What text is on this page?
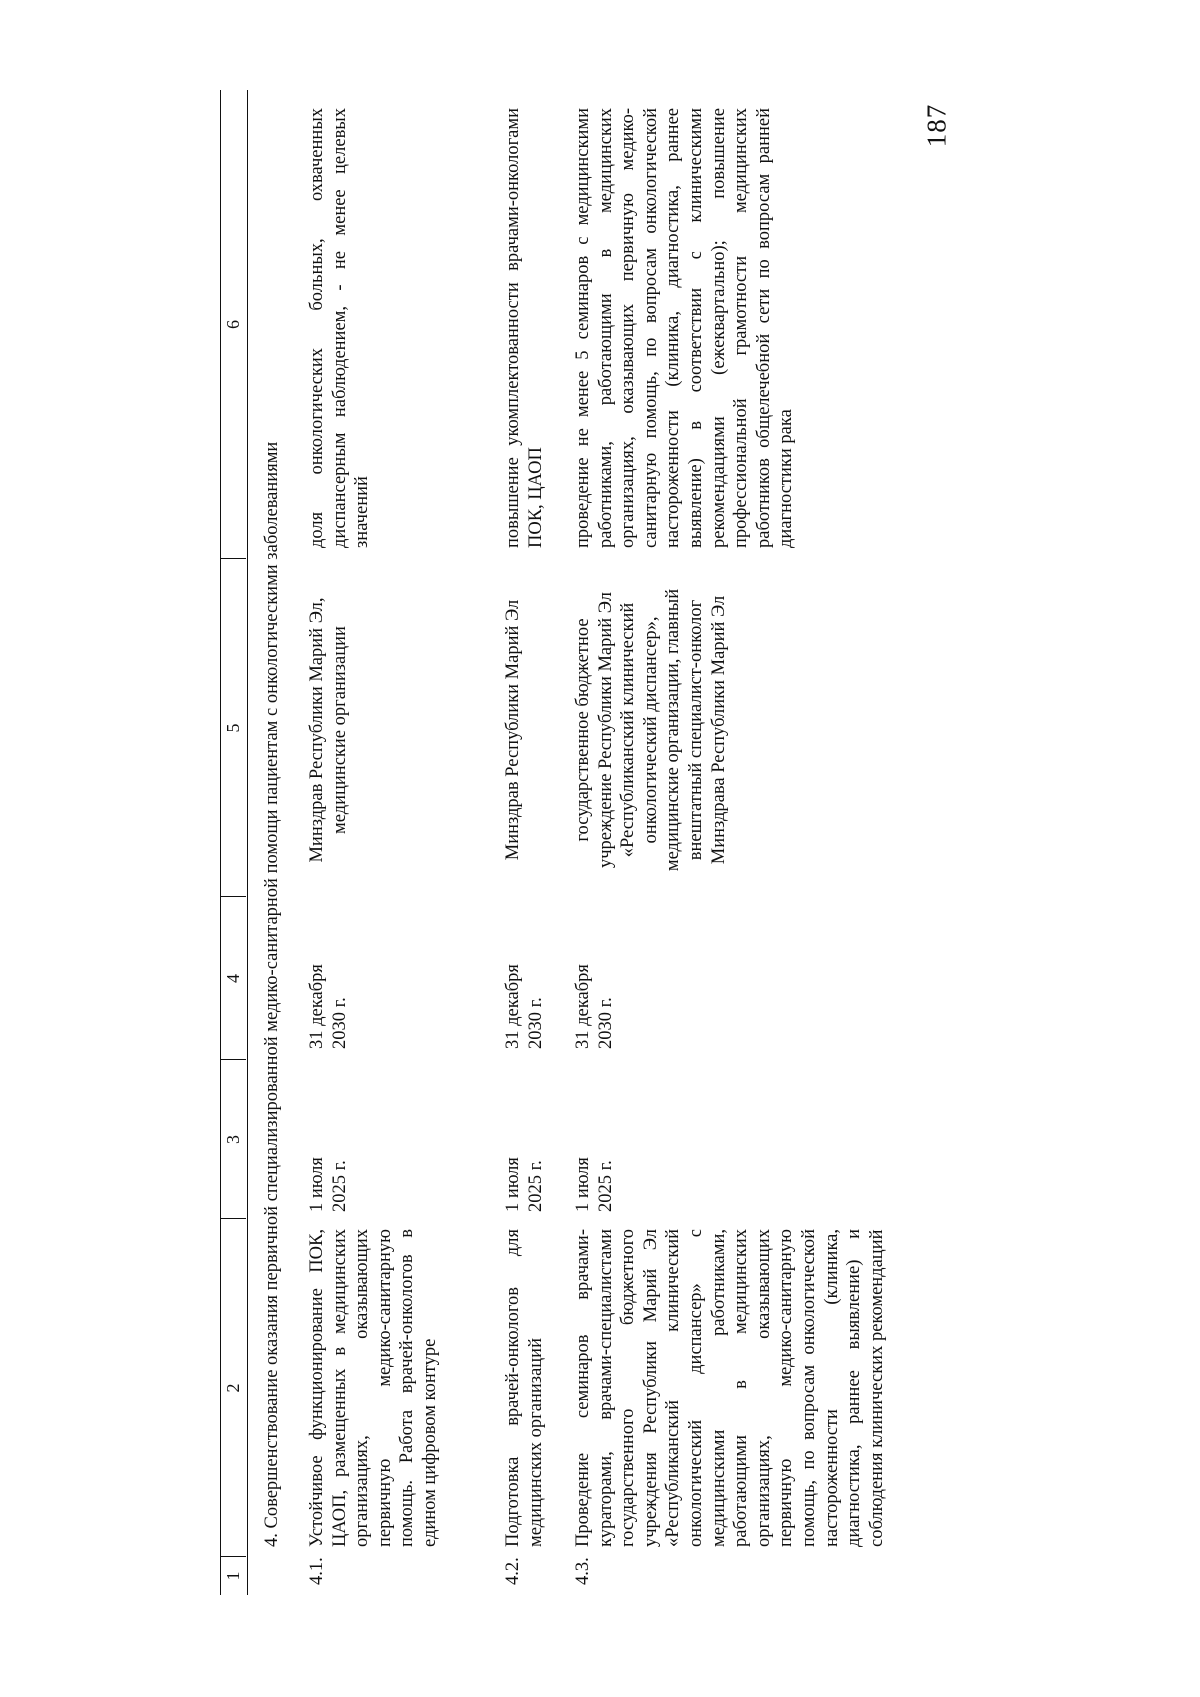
187
1
2
3
4
5
6
4. Совершенствование оказания первичной специализированной медико-санитарной помощи пациентам с онкологическими заболеваниями
4.1.
Устойчивое функционирование ПОК, ЦАОП, размещенных в медицинских организациях, оказывающих первичную медико-санитарную помощь. Работа врачей-онкологов в едином цифровом контуре
1 июля 2025 г.
31 декабря 2030 г.
Минздрав Республики Марий Эл, медицинские организации
доля онкологических больных, охваченных диспансерным наблюдением, - не менее целевых значений
4.2.
Подготовка врачей-онкологов для медицинских организаций
1 июля 2025 г.
31 декабря 2030 г.
Минздрав Республики Марий Эл
повышение укомплектованности врачами-онкологами ПОК, ЦАОП
4.3.
Проведение семинаров врачами-кураторами, врачами-специалистами государственного бюджетного учреждения Республики Марий Эл «Республиканский клинический онкологический диспансер» с медицинскими работниками, работающими в медицинских организациях, оказывающих первичную медико-санитарную помощь, по вопросам онкологической настороженности (клиника, диагностика, раннее выявление) и соблюдения клинических рекомендаций
1 июля 2025 г.
31 декабря 2030 г.
государственное бюджетное учреждение Республики Марий Эл «Республиканский клинический онкологический диспансер», медицинские организации, главный внештатный специалист-онколог Минздрава Республики Марий Эл
проведение не менее 5 семинаров с медицинскими работниками, работающими в медицинских организациях, оказывающих первичную медико-санитарную помощь, по вопросам онкологической настороженности (клиника, диагностика, раннее выявление) в соответствии с клиническими рекомендациями (ежеквартально); повышение профессиональной грамотности медицинских работников общелечебной сети по вопросам ранней диагностики рака
